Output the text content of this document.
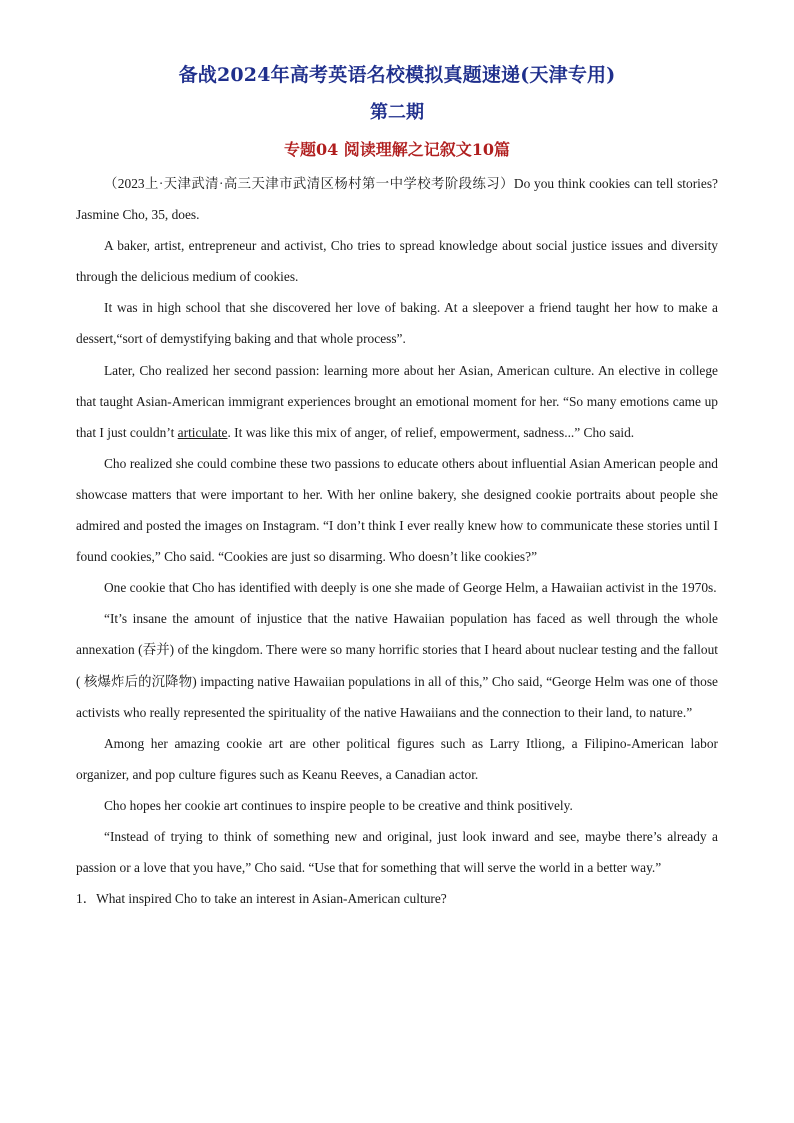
备战2024年高考英语名校模拟真题速递(天津专用)
第二期
专题04 阅读理解之记叙文10篇

（2023上·天津武清·高三天津市武清区杨村第一中学校考阶段练习）Do you think cookies can tell stories? Jasmine Cho, 35, does.

A baker, artist, entrepreneur and activist, Cho tries to spread knowledge about social justice issues and diversity through the delicious medium of cookies.

It was in high school that she discovered her love of baking. At a sleepover a friend taught her how to make a dessert,“sort of demystifying baking and that whole process”.

Later, Cho realized her second passion: learning more about her Asian, American culture. An elective in college that taught Asian-American immigrant experiences brought an emotional moment for her. “So many emotions came up that I just couldn’t articulate. It was like this mix of anger, of relief, empowerment, sadness...” Cho said.

Cho realized she could combine these two passions to educate others about influential Asian American people and showcase matters that were important to her. With her online bakery, she designed cookie portraits about people she admired and posted the images on Instagram. “I don’t think I ever really knew how to communicate these stories until I found cookies,” Cho said. “Cookies are just so disarming. Who doesn’t like cookies?”

One cookie that Cho has identified with deeply is one she made of George Helm, a Hawaiian activist in the 1970s.

“It’s insane the amount of injustice that the native Hawaiian population has faced as well through the whole annexation (吞并) of the kingdom. There were so many horrific stories that I heard about nuclear testing and the fallout ( 核爆炸后的沉降物) impacting native Hawaiian populations in all of this,” Cho said, “George Helm was one of those activists who really represented the spirituality of the native Hawaiians and the connection to their land, to nature.”

Among her amazing cookie art are other political figures such as Larry Itliong, a Filipino-American labor organizer, and pop culture figures such as Keanu Reeves, a Canadian actor.

Cho hopes her cookie art continues to inspire people to be creative and think positively.

“Instead of trying to think of something new and original, just look inward and see, maybe there’s already a passion or a love that you have,” Cho said. “Use that for something that will serve the world in a better way.”

1．What inspired Cho to take an interest in Asian-American culture?
